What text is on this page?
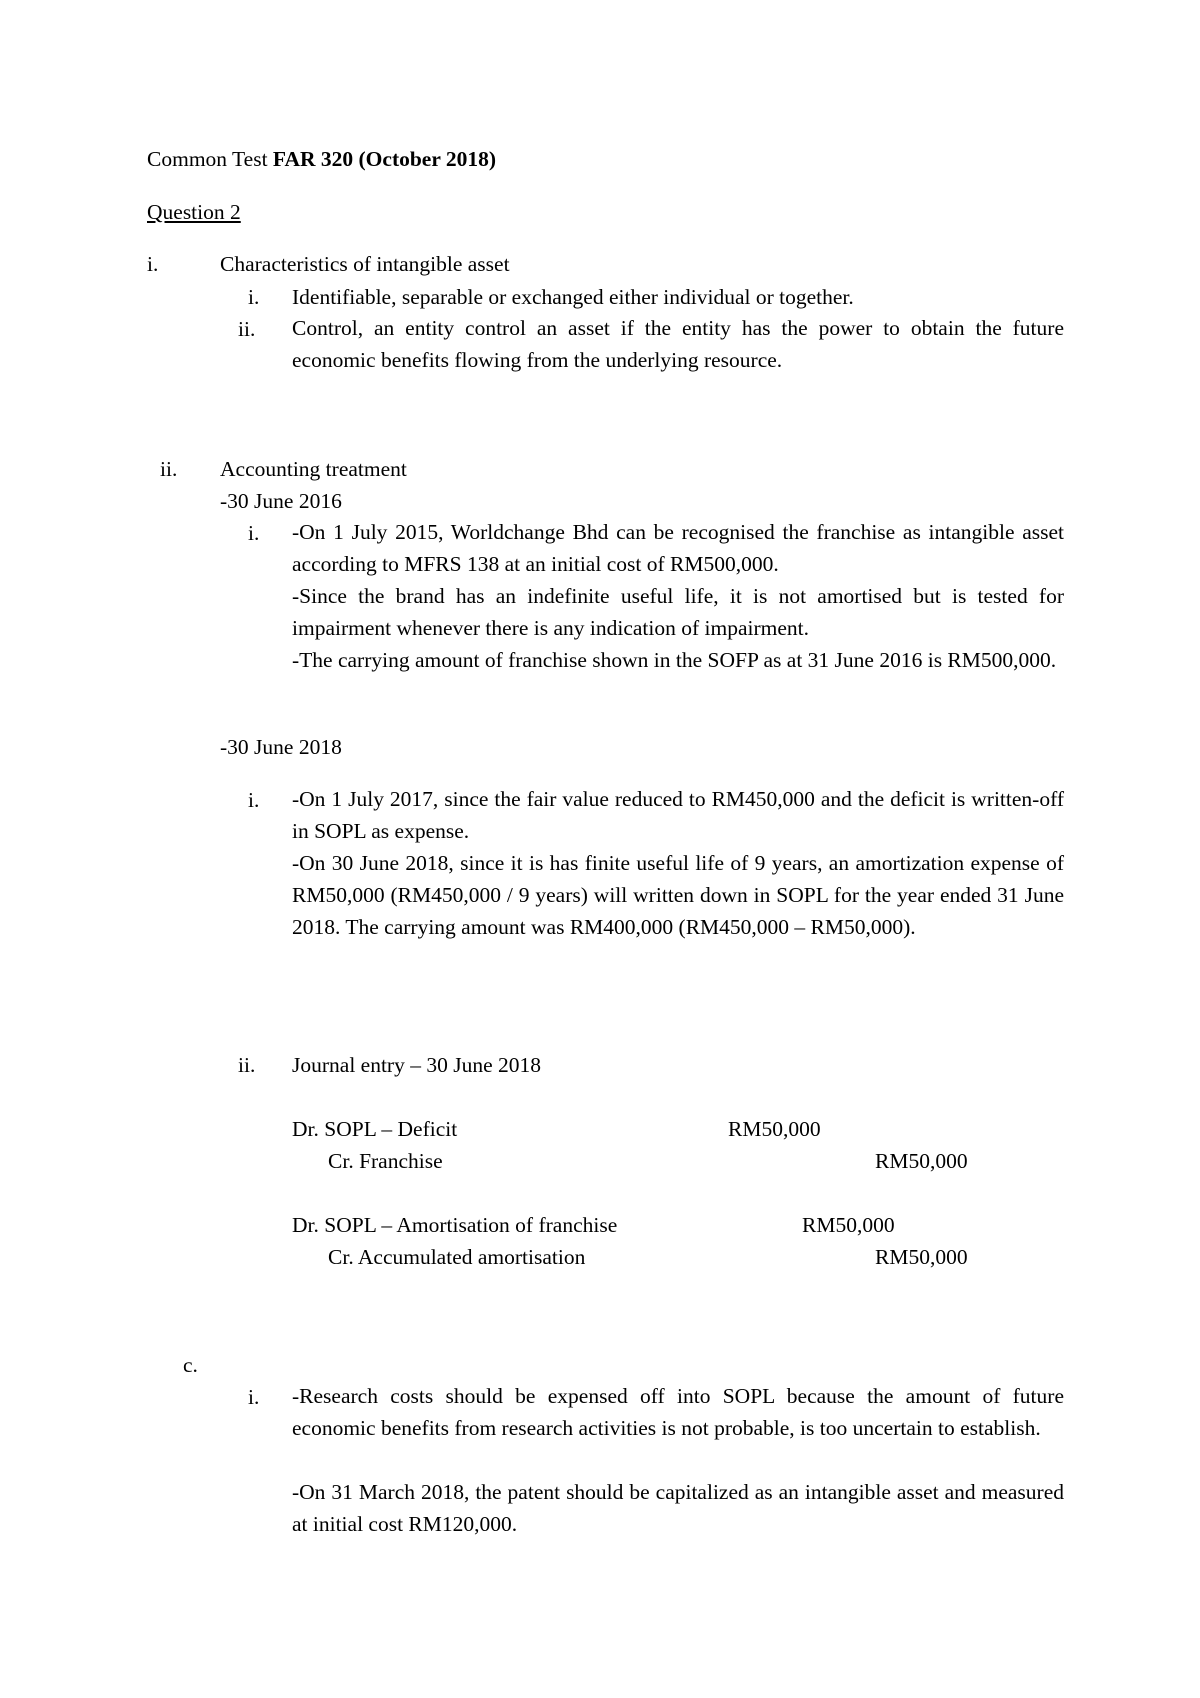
Common Test FAR 320 (October 2018)
Question 2
i.	Characteristics of intangible asset
i. Identifiable, separable or exchanged either individual or together.
ii. Control, an entity control an asset if the entity has the power to obtain the future economic benefits flowing from the underlying resource.
ii. Accounting treatment
-30 June 2016
i. -On 1 July 2015, Worldchange Bhd can be recognised the franchise as intangible asset according to MFRS 138 at an initial cost of RM500,000.
-Since the brand has an indefinite useful life, it is not amortised but is tested for impairment whenever there is any indication of impairment.
-The carrying amount of franchise shown in the SOFP as at 31 June 2016 is RM500,000.
-30 June 2018
i. -On 1 July 2017, since the fair value reduced to RM450,000 and the deficit is written-off in SOPL as expense.
-On 30 June 2018, since it is has finite useful life of 9 years, an amortization expense of RM50,000 (RM450,000 / 9 years) will written down in SOPL for the year ended 31 June 2018. The carrying amount was RM400,000 (RM450,000 – RM50,000).
ii. Journal entry – 30 June 2018
Dr. SOPL – Deficit	RM50,000
Cr. Franchise	RM50,000
Dr. SOPL – Amortisation of franchise	RM50,000
Cr. Accumulated amortisation	RM50,000
c.
i. -Research costs should be expensed off into SOPL because the amount of future economic benefits from research activities is not probable, is too uncertain to establish.
-On 31 March 2018, the patent should be capitalized as an intangible asset and measured at initial cost RM120,000.
